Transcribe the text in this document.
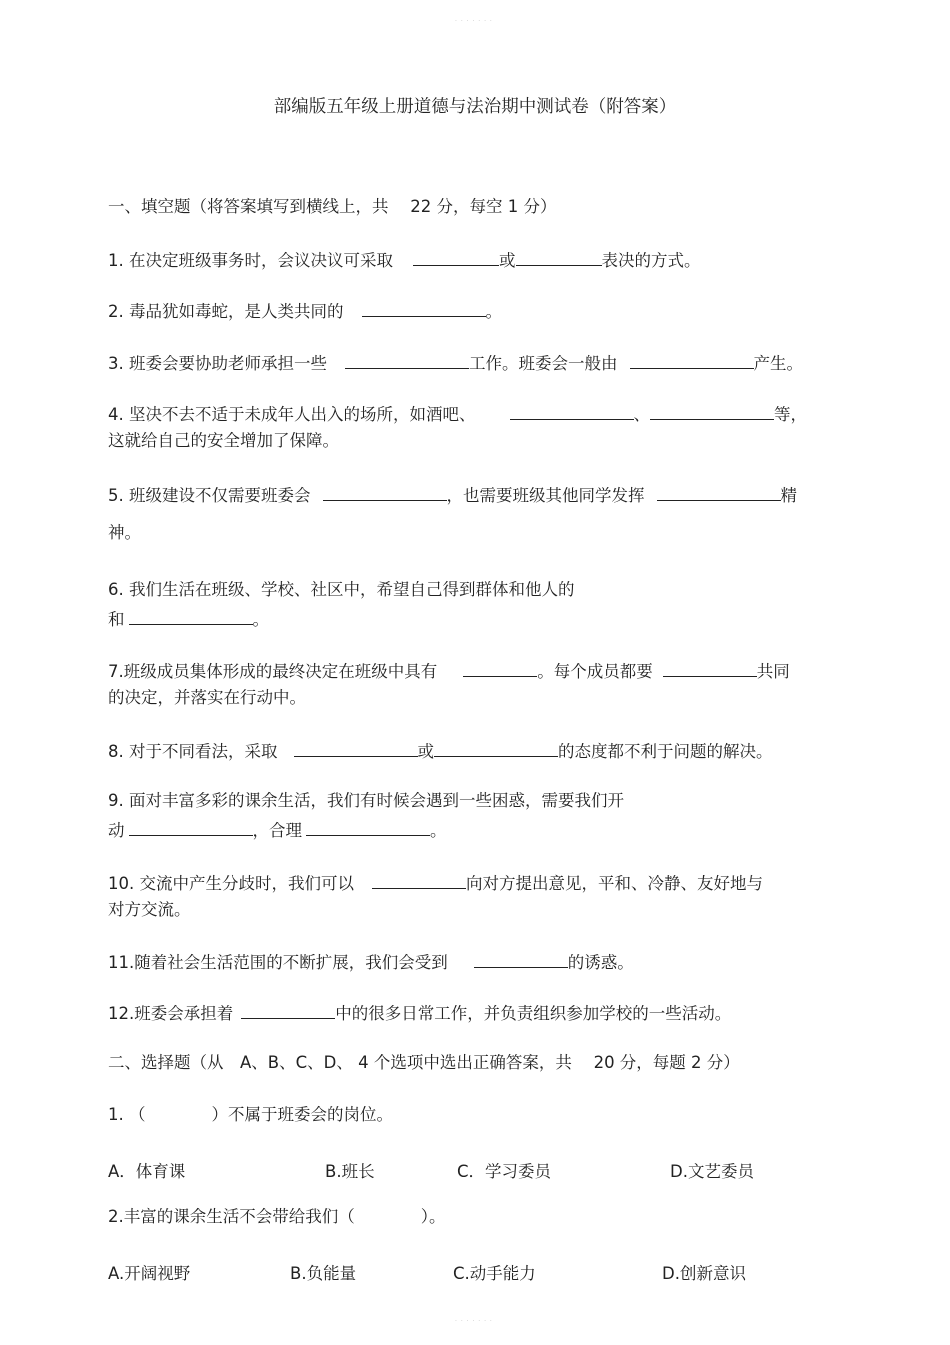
· · · · · · ·
部编版五年级上册道德与法治期中测试卷（附答案）
一、填空题（将答案填写到横线上，共　 22 分，每空 1 分）
1. 在决定班级事务时，会议决议可采取	或	表决的方式。
2. 毒品犹如毒蛇，是人类共同的	。
3. 班委会要协助老师承担一些	工作。班委会一般由	产生。
4. 坚决不去不适于未成年人出入的场所，如酒吧、	、	等，
这就给自己的安全增加了保障。
5. 班级建设不仅需要班委会	，也需要班级其他同学发挥	精
神。
6. 我们生活在班级、学校、社区中，希望自己得到群体和他人的
和	。
7.班级成员集体形成的最终决定在班级中具有	。每个成员都要	共同
的决定，并落实在行动中。
8. 对于不同看法，采取	或	的态度都不利于问题的解决。
9. 面对丰富多彩的课余生活，我们有时候会遇到一些困惑，需要我们开
动	，合理	。
10. 交流中产生分歧时，我们可以	向对方提出意见，平和、冷静、友好地与
对方交流。
11.随着社会生活范围的不断扩展，我们会受到	的诱惑。
12.班委会承担着	中的很多日常工作，并负责组织参加学校的一些活动。
二、选择题（从　A、B、C、D、 4 个选项中选出正确答案，共　 20 分，每题 2 分）
1. （　　　　）不属于班委会的岗位。
A．体育课	B.班长	C．学习委员	D.文艺委员
2.丰富的课余生活不会带给我们（　　　　）。
A.开阔视野	B.负能量	C.动手能力	D.创新意识
· · · · · · ·
